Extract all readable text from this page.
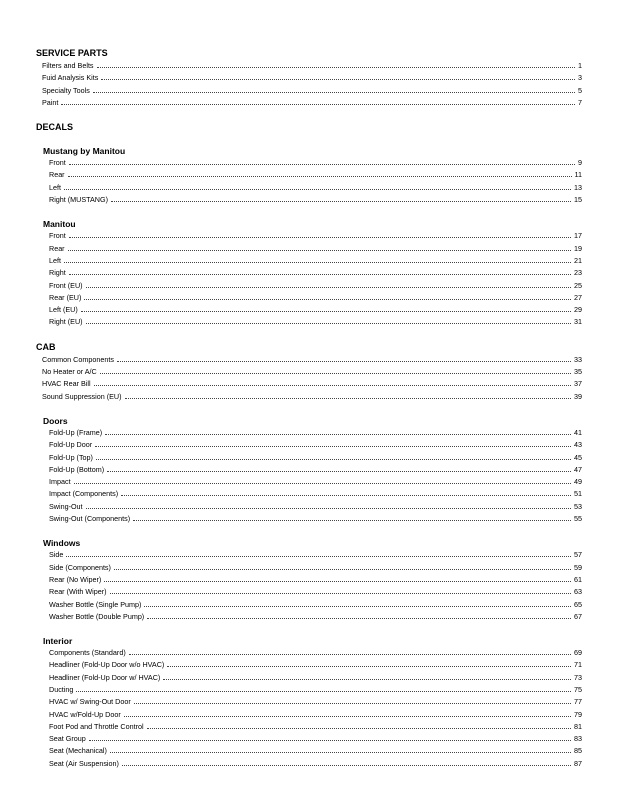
SERVICE PARTS
Filters and Belts	1
Fuid Analysis Kits	3
Specialty Tools	5
Paint	7
DECALS
Mustang by Manitou
Front	9
Rear	11
Left	13
Right (MUSTANG)	15
Manitou
Front	17
Rear	19
Left	21
Right	23
Front (EU)	25
Rear (EU)	27
Left (EU)	29
Right (EU)	31
CAB
Common Components	33
No Heater or A/C	35
HVAC Rear Bill	37
Sound Suppression (EU)	39
Doors
Fold-Up (Frame)	41
Fold-Up Door	43
Fold-Up (Top)	45
Fold-Up (Bottom)	47
Impact	49
Impact (Components)	51
Swing-Out	53
Swing-Out (Components)	55
Windows
Side	57
Side (Components)	59
Rear (No Wiper)	61
Rear (With Wiper)	63
Washer Bottle (Single Pump)	65
Washer Bottle (Double Pump)	67
Interior
Components (Standard)	69
Headliner (Fold-Up Door w/o HVAC)	71
Headliner (Fold-Up Door w/ HVAC)	73
Ducting	75
HVAC w/ Swing-Out Door	77
HVAC w/Fold-Up Door	79
Foot Pod and Throttle Control	81
Seat Group	83
Seat (Mechanical)	85
Seat (Air Suspension)	87
